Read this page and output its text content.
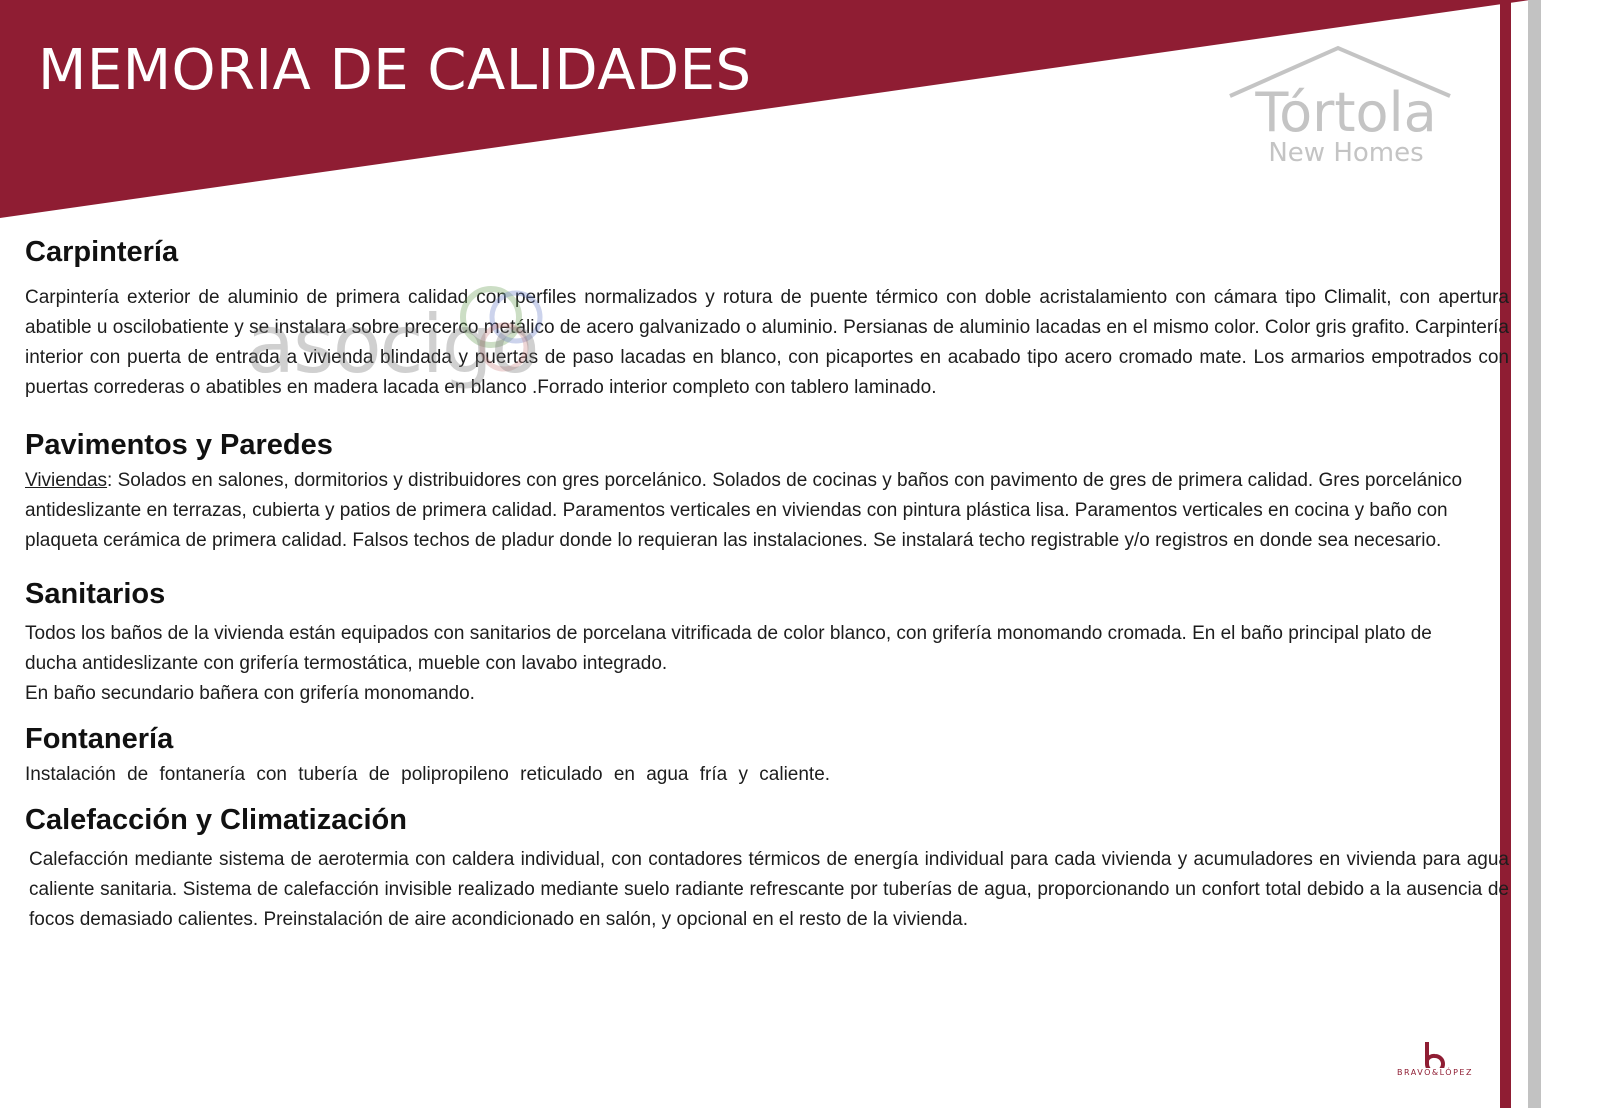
MEMORIA DE CALIDADES
Tórtola
New Homes
Carpintería

Carpintería exterior de aluminio de primera calidad con perfiles normalizados y rotura de puente térmico con doble acristalamiento con cámara tipo Climalit, con apertura abatible u oscilobatiente y se instalara sobre precerco metálico de acero galvanizado o aluminio. Persianas de aluminio lacadas en el mismo color. Color gris grafito. Carpintería interior con puerta de entrada a vivienda blindada y puertas de paso lacadas en blanco, con picaportes en acabado tipo acero cromado mate. Los armarios empotrados con puertas correderas o abatibles en madera lacada en blanco .Forrado interior completo con tablero laminado.

Pavimentos y Paredes

Viviendas: Solados en salones, dormitorios y distribuidores con gres porcelánico. Solados de cocinas y baños con pavimento de gres de primera calidad. Gres porcelánico antideslizante en terrazas, cubierta y patios de primera calidad. Paramentos verticales en viviendas con pintura plástica lisa. Paramentos verticales en cocina y baño con plaqueta cerámica de primera calidad. Falsos techos de pladur donde lo requieran las instalaciones. Se instalará techo registrable y/o registros en donde sea necesario.

Sanitarios

Todos los baños de la vivienda están equipados con sanitarios de porcelana vitrificada de color blanco, con grifería monomando cromada. En el baño principal plato de ducha antideslizante con grifería termostática, mueble con lavabo integrado.

En baño secundario bañera con grifería monomando.

Fontanería

Instalación de fontanería con tubería de polipropileno reticulado en agua fría y caliente.

Calefacción y Climatización

Calefacción mediante sistema de aerotermia con caldera individual, con contadores térmicos de energía individual para cada vivienda y acumuladores en vivienda para agua caliente sanitaria. Sistema de calefacción invisible realizado mediante suelo radiante refrescante por tuberías de agua, proporcionando un confort total debido a la ausencia de focos demasiado calientes. Preinstalación de aire acondicionado en salón, y opcional en el resto de la vivienda.

asocigo
BRAVO&LÓPEZ
